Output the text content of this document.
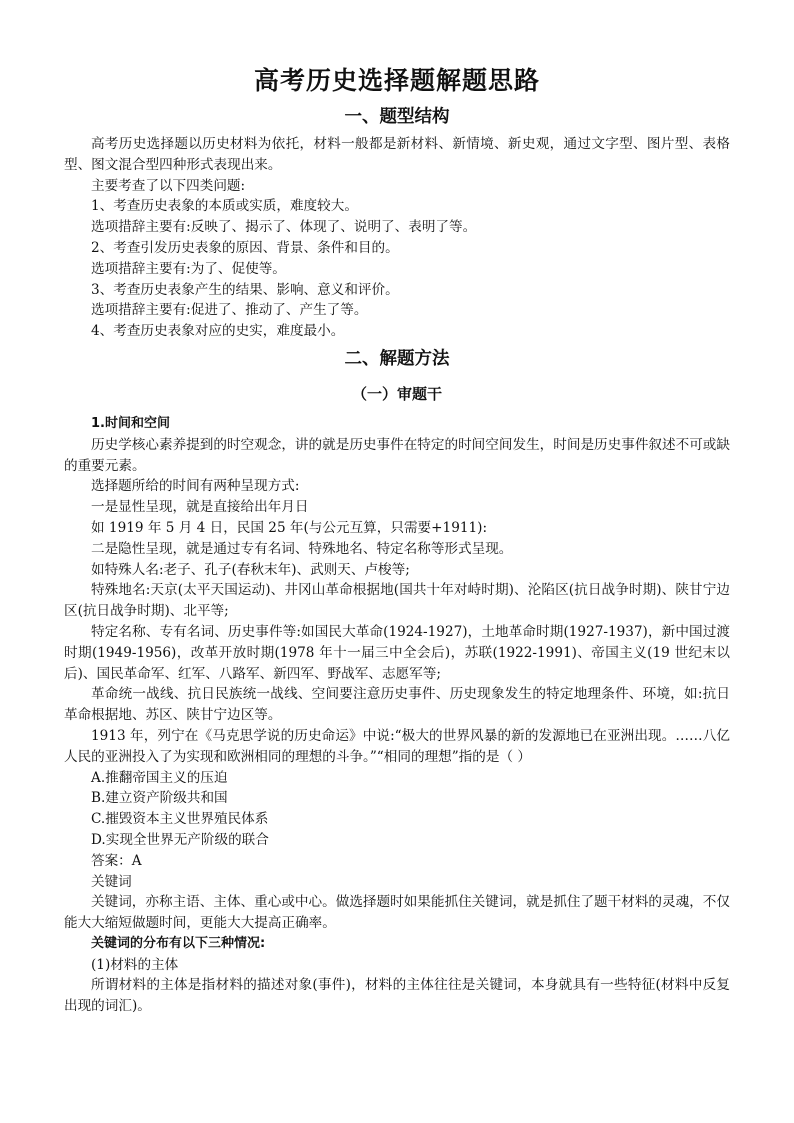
高考历史选择题解题思路
一、题型结构

高考历史选择题以历史材料为依托，材料一般都是新材料、新情境、新史观，通过文字型、图片型、表格型、图文混合型四种形式表现出来。

主要考查了以下四类问题:

1、考查历史表象的本质或实质，难度较大。

选项措辞主要有:反映了、揭示了、体现了、说明了、表明了等。

2、考查引发历史表象的原因、背景、条件和目的。

选项措辞主要有:为了、促使等。

3、考查历史表象产生的结果、影响、意义和评价。

选项措辞主要有:促进了、推动了、产生了等。

4、考查历史表象对应的史实，难度最小。

二、解题方法
（一）审题干

1.时间和空间

历史学核心素养提到的时空观念，讲的就是历史事件在特定的时间空间发生，时间是历史事件叙述不可或缺的重要元素。

选择题所给的时间有两种呈现方式:

一是显性呈现，就是直接给出年月日

如 1919 年 5 月 4 日，民国 25 年(与公元互算，只需要+1911):

二是隐性呈现，就是通过专有名词、特殊地名、特定名称等形式呈现。

如特殊人名:老子、孔子(春秋末年)、武则天、卢梭等;

特殊地名:天京(太平天国运动)、井冈山革命根据地(国共十年对峙时期)、沦陷区(抗日战争时期)、陕甘宁边区(抗日战争时期)、北平等;

特定名称、专有名词、历史事件等:如国民大革命(1924-1927)，土地革命时期(1927-1937)，新中国过渡时期(1949-1956)，改革开放时期(1978 年十一届三中全会后)，苏联(1922-1991)、帝国主义(19 世纪末以后)、国民革命军、红军、八路军、新四军、野战军、志愿军等;

革命统一战线、抗日民族统一战线、空间要注意历史事件、历史现象发生的特定地理条件、环境，如:抗日革命根据地、苏区、陕甘宁边区等。

1913 年，列宁在《马克思学说的历史命运》中说:“极大的世界风暴的新的发源地已在亚洲出现。……八亿人民的亚洲投入了为实现和欧洲相同的理想的斗争。”“相同的理想”指的是（ ）

A.推翻帝国主义的压迫

B.建立资产阶级共和国

C.摧毁资本主义世界殖民体系

D.实现全世界无产阶级的联合

答案：A

关键词

关键词，亦称主语、主体、重心或中心。做选择题时如果能抓住关键词，就是抓住了题干材料的灵魂，不仅能大大缩短做题时间，更能大大提高正确率。

关键词的分布有以下三种情况:

(1)材料的主体

所谓材料的主体是指材料的描述对象(事件)，材料的主体往往是关键词，本身就具有一些特征(材料中反复出现的词汇)。
